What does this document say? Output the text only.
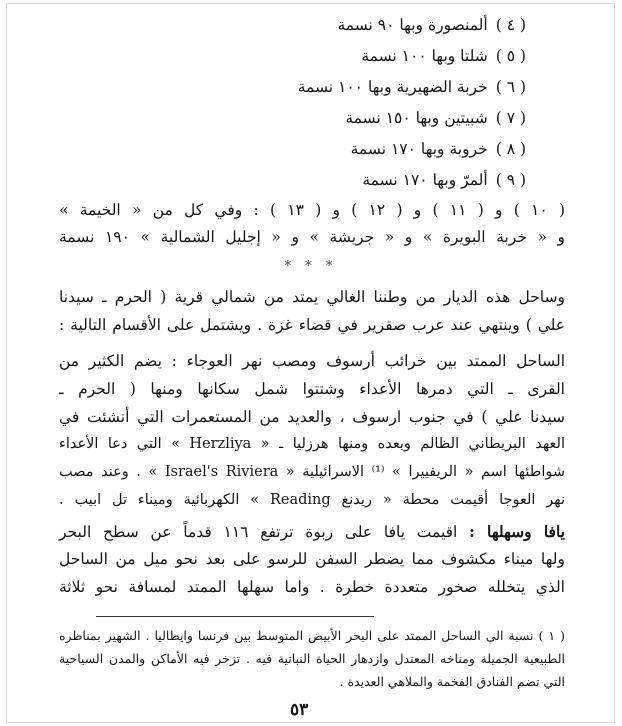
( ٤ )ألمنصورة وبها ٩٠ نسمة
( ٥ )شلتا وبها ١٠٠ نسمة
( ٦ )خربة الضهيرية وبها ١٠٠ نسمة
( ٧ )شبيتين وبها ١٥٠ نسمة
( ٨ )خروبة وبها ١٧٠ نسمة
( ٩ )ألمرّ وبها ١٧٠ نسمة
( ١٠ ) و ( ١١ ) و ( ١٢ ) و ( ١٣ ) : وفي كل من « الخيمة »
و « خربة البويرة » و « جريشة » و « إجليل الشمالية » ١٩٠ نسمة
* * *
وساحل هذه الديار من وطننا الغالي يمتد من شمالي قرية ( الحرم ـ سيدنا
علي ) وينتهي عند عرب صقرير في قضاء غزة . ويشتمل على الأقسام التالية :
الساحل الممتد بين خرائب أرسوف ومصب نهر العوجاء : يضم الكثير من
القرى ـ التي دمرها الأعداء وشتتوا شمل سكانها ومنها ( الحرم ـ
سيدنا علي ) في جنوب ارسوف ، والعديد من المستعمرات التي أنشئت في
العهد البريطاني الظالم وبعده ومنها هرزليا ـ « Herzliya » التي دعا الأعداء
شواطئها اسم « الريفييرا » ⁽¹⁾ الاسرائيلية « Israel's Riviera » . وعند مصب
نهر العوجا أقيمت محطة « ريدنغ Reading » الكهربائية وميناء تل ابيب .
يافا وسهلها : اقيمت يافا على ربوة ترتفع ١١٦ قدماً عن سطح البحر
ولها ميناء مكشوف مما يضطر السفن للرسو على بعد نحو ميل من الساحل
الذي يتخلله صخور متعددة خطرة . واما سهلها الممتد لمسافة نحو ثلاثة
( ١ ) نسبة الى الساحل الممتد على البحر الأبيض المتوسط بين فرنسا وايطاليا . الشهير بمناظره
الطبيعية الجميلة ومناخه المعتدل وازدهار الحياة النباتية فيه . تزخر فيه الأماكن والمدن السياحية
التي تضم الفنادق الفخمة والملاهي العديدة .
٥٣
